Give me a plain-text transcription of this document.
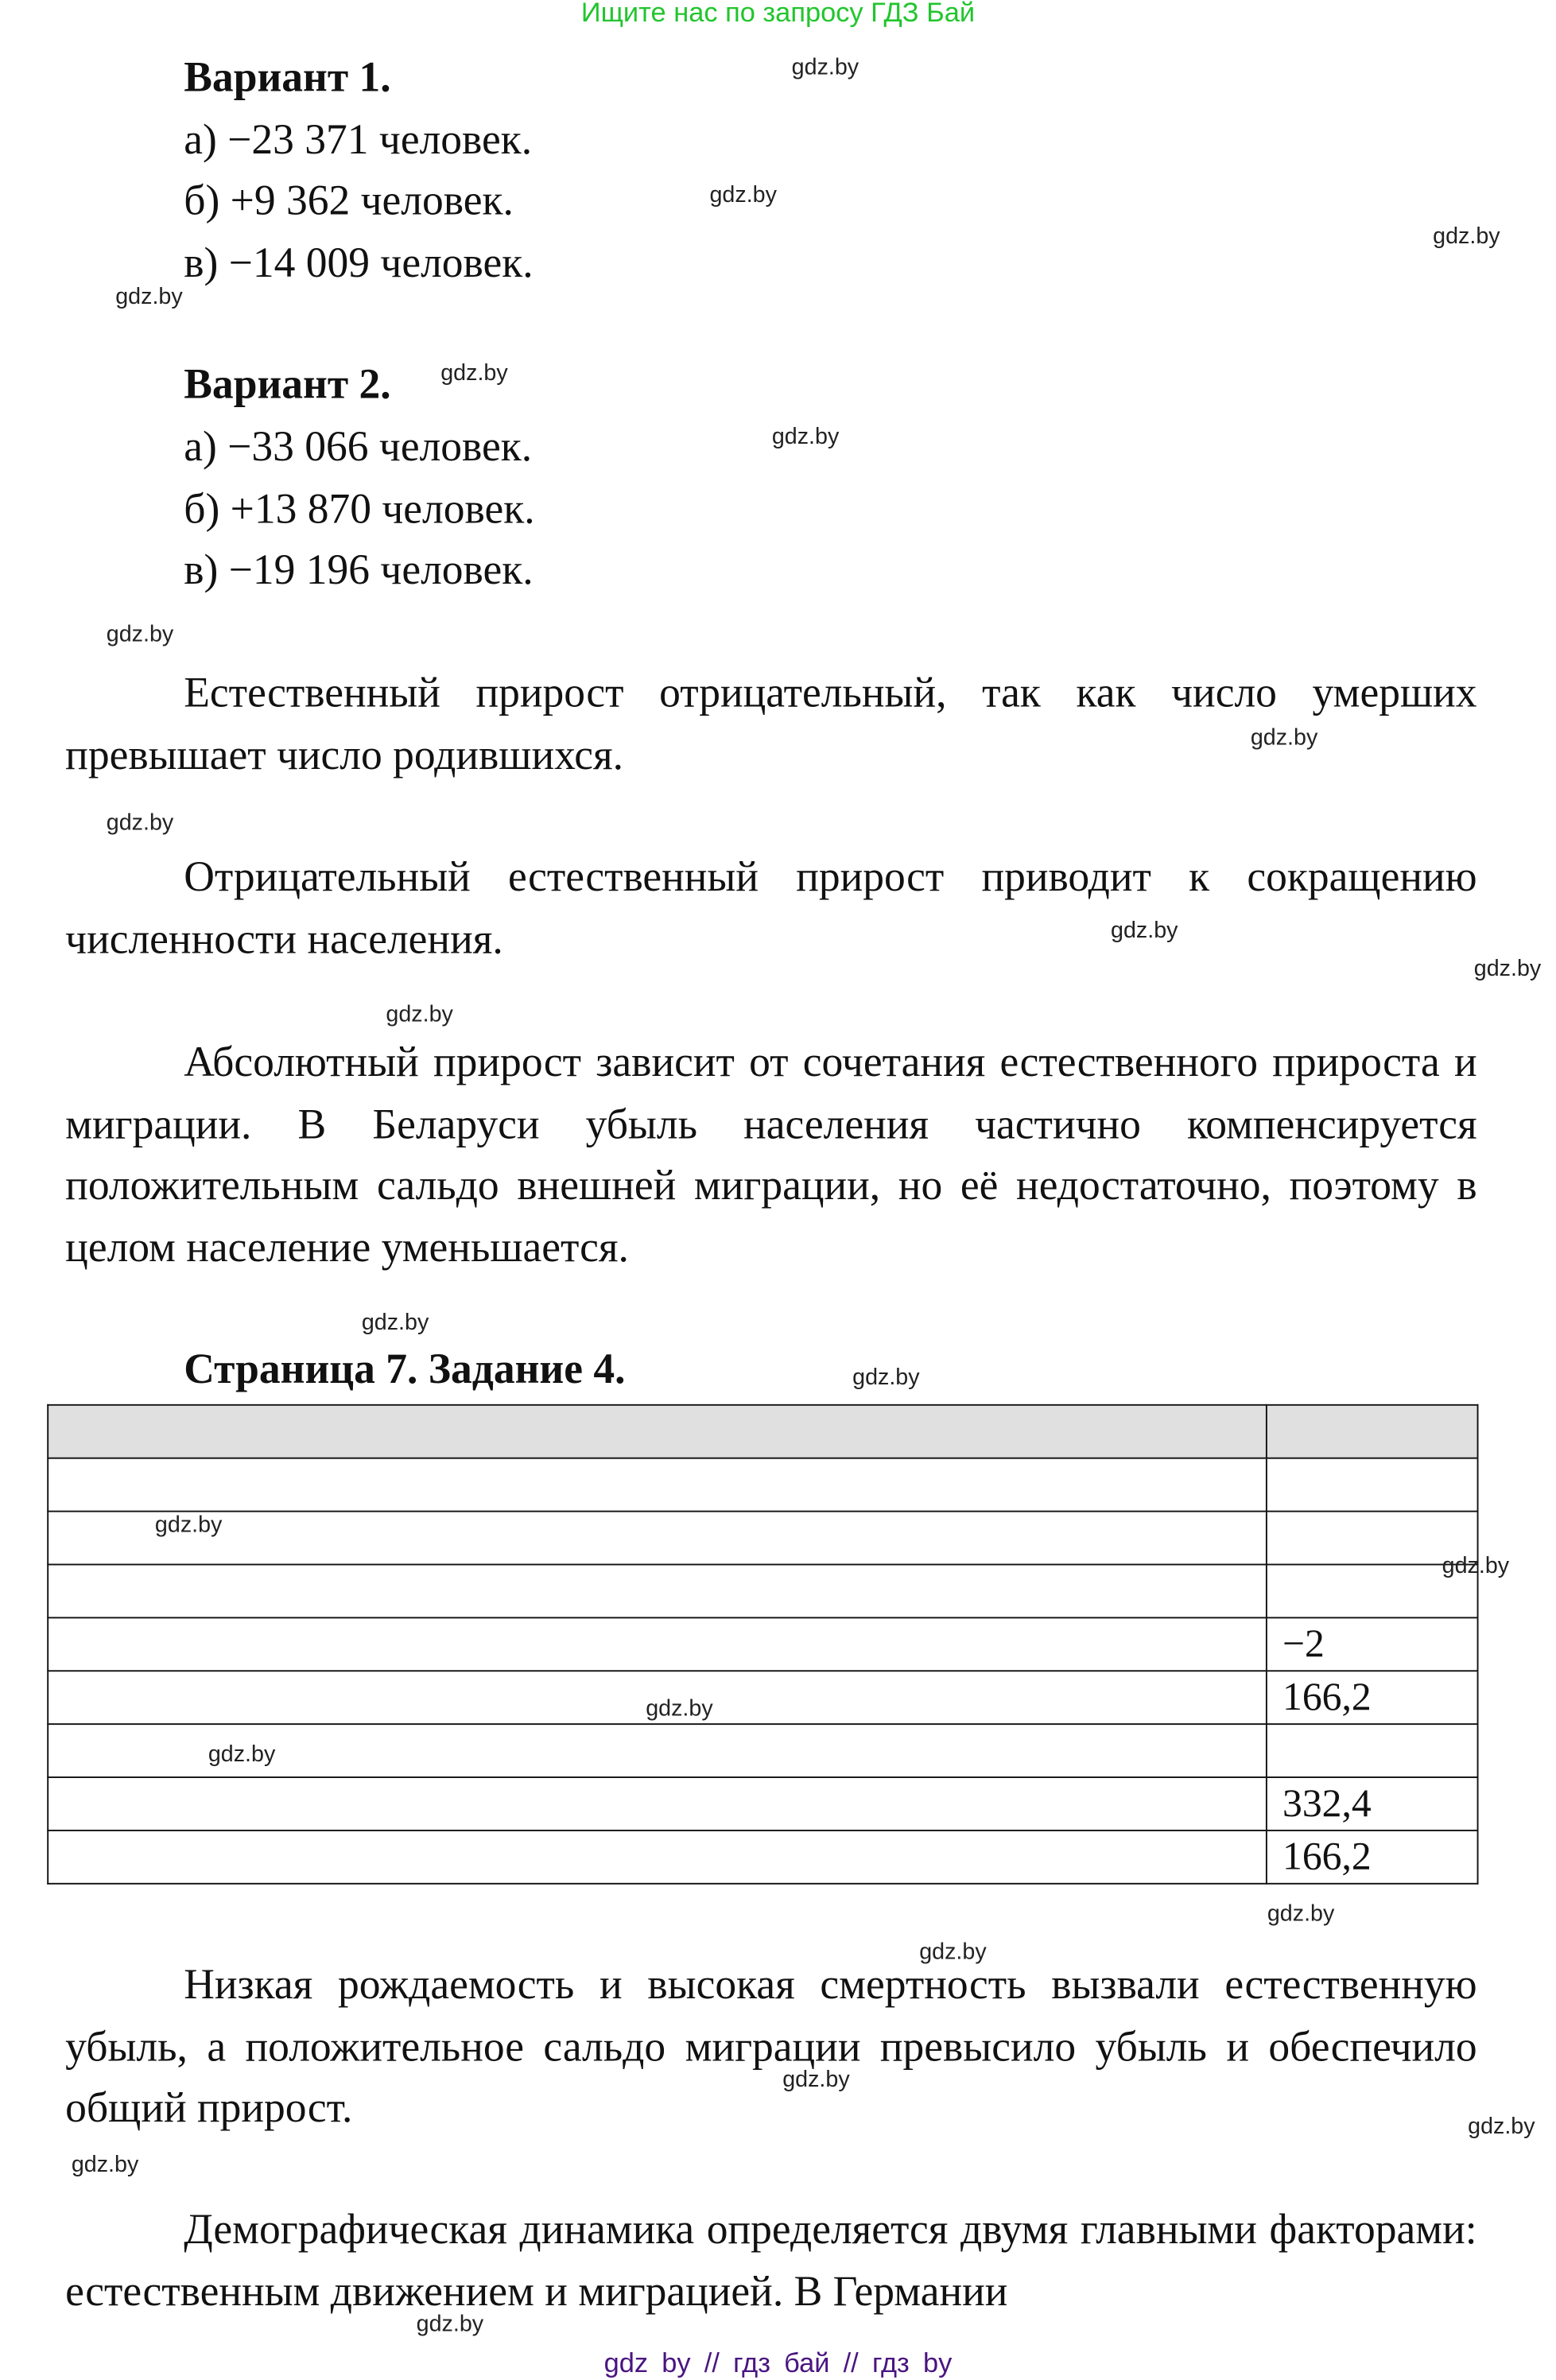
Ищите нас по запросу ГДЗ Бай
Вариант 1.
а) −23 371 человек.
б) +9 362 человек.
в) −14 009 человек.
Вариант 2.
а) −33 066 человек.
б) +13 870 человек.
в) −19 196 человек.
Естественный прирост отрицательный, так как число умерших превышает число родившихся.
Отрицательный естественный прирост приводит к сокращению численности населения.
Абсолютный прирост зависит от сочетания естественного прироста и миграции. В Беларуси убыль населения частично компенсируется положительным сальдо внешней миграции, но её недостаточно, поэтому в целом население уменьшается.
Страница 7. Задание 4.

	−2
	166,2

	332,4
	166,2
Низкая рождаемость и высокая смертность вызвали естественную убыль, а положительное сальдо миграции превысило убыль и обеспечило общий прирост.
Демографическая динамика определяется двумя главными факторами: естественным движением и миграцией. В Германии
gdz by // гдз бай // гдз by
gdz.by
gdz.by
gdz.by
gdz.by
gdz.by
gdz.by
gdz.by
gdz.by
gdz.by
gdz.by
gdz.by
gdz.by
gdz.by
gdz.by
gdz.by
gdz.by
gdz.by
gdz.by
gdz.by
gdz.by
gdz.by
gdz.by
gdz.by
gdz.by
